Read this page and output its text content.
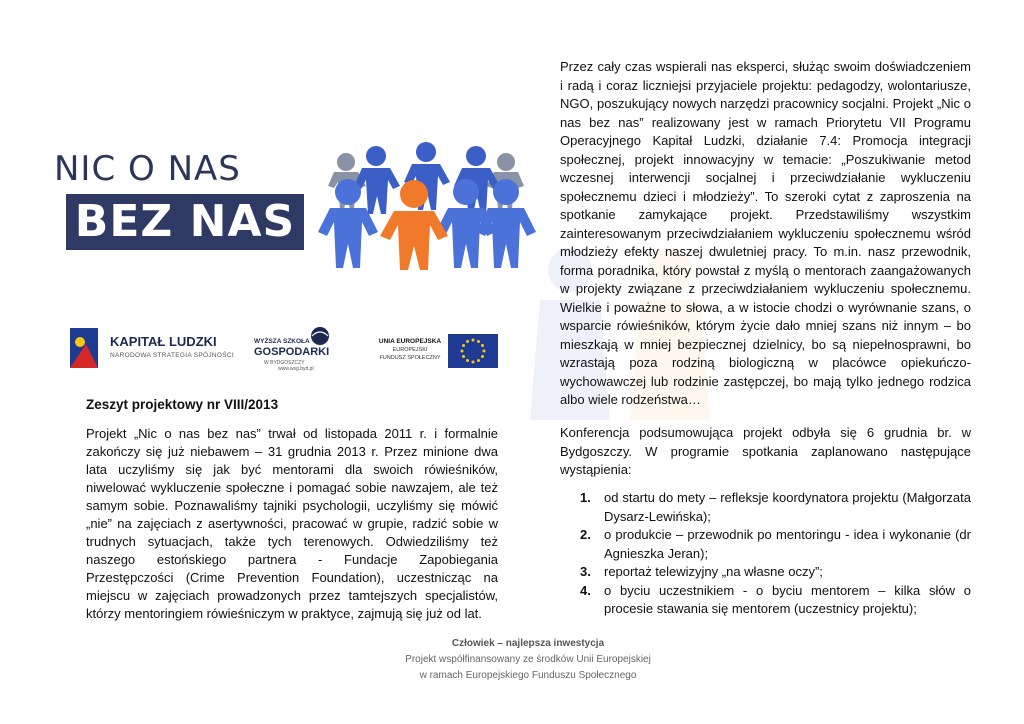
NIC O NAS
BEZ NAS
KAPITAŁ LUDZKI
NARODOWA STRATEGIA SPÓJNOŚCI
WYŻSZA SZKOŁA
GOSPODARKI
W BYDGOSZCZY
www.wsg.byd.pl
UNIA EUROPEJSKA
EUROPEJSKI
FUNDUSZ SPOŁECZNY
Zeszyt projektowy nr VIII/2013

Projekt „Nic o nas bez nas” trwał od listopada 2011 r. i formalnie zakończy się już niebawem – 31 grudnia 2013 r. Przez minione dwa lata uczyliśmy się jak być mentorami dla swoich rówieśników, niwelować wykluczenie społeczne i pomagać sobie nawzajem, ale też samym sobie. Poznawaliśmy tajniki psychologii, uczyliśmy się mówić „nie” na zajęciach z asertywności, pracować w grupie, radzić sobie w trudnych sytuacjach, także tych terenowych. Odwiedziliśmy też naszego estońskiego partnera - Fundacje Zapobiegania Przestępczości (Crime Prevention Foundation), uczestnicząc na miejscu w zajęciach prowadzonych przez tamtejszych specjalistów, którzy mentoringiem rówieśniczym w praktyce, zajmują się już od lat.

Przez cały czas wspierali nas eksperci, służąc swoim doświadczeniem i radą i coraz liczniejsi przyjaciele projektu: pedagodzy, wolontariusze, NGO, poszukujący nowych narzędzi pracownicy socjalni. Projekt „Nic o nas bez nas” realizowany jest w ramach Priorytetu VII Programu Operacyjnego Kapitał Ludzki, działanie 7.4: Promocja integracji społecznej, projekt innowacyjny w temacie: „Poszukiwanie metod wczesnej interwencji socjalnej i przeciwdziałanie wykluczeniu społecznemu dzieci i młodzieży”. To szeroki cytat z zaproszenia na spotkanie zamykające projekt. Przedstawiliśmy wszystkim zainteresowanym przeciwdziałaniem wykluczeniu społecznemu wśród młodzieży efekty naszej dwuletniej pracy. To m.in. nasz przewodnik, forma poradnika, który powstał z myślą o mentorach zaangażowanych w projekty związane z przeciwdziałaniem wykluczeniu społecznemu. Wielkie i poważne to słowa, a w istocie chodzi o wyrównanie szans, o wsparcie rówieśników, którym życie dało mniej szans niż innym – bo mieszkają w mniej bezpiecznej dzielnicy, bo są niepełnosprawni, bo wzrastają poza rodziną biologiczną w placówce opiekuńczo-wychowawczej lub rodzinie zastępczej, bo mają tylko jednego rodzica albo wiele rodzeństwa…

Konferencja podsumowująca projekt odbyła się 6 grudnia br. w Bydgoszczy. W programie spotkania zaplanowano następujące wystąpienia:

1. od startu do mety – refleksje koordynatora projektu (Małgorzata Dysarz-Lewińska);
2. o produkcie – przewodnik po mentoringu - idea i wykonanie (dr Agnieszka Jeran);
3. reportaż telewizyjny „na własne oczy”;
4. o byciu uczestnikiem - o byciu mentorem – kilka słów o procesie stawania się mentorem (uczestnicy projektu);
Człowiek – najlepsza inwestycja
Projekt współfinansowany ze środków Unii Europejskiej
w ramach Europejskiego Funduszu Społecznego
